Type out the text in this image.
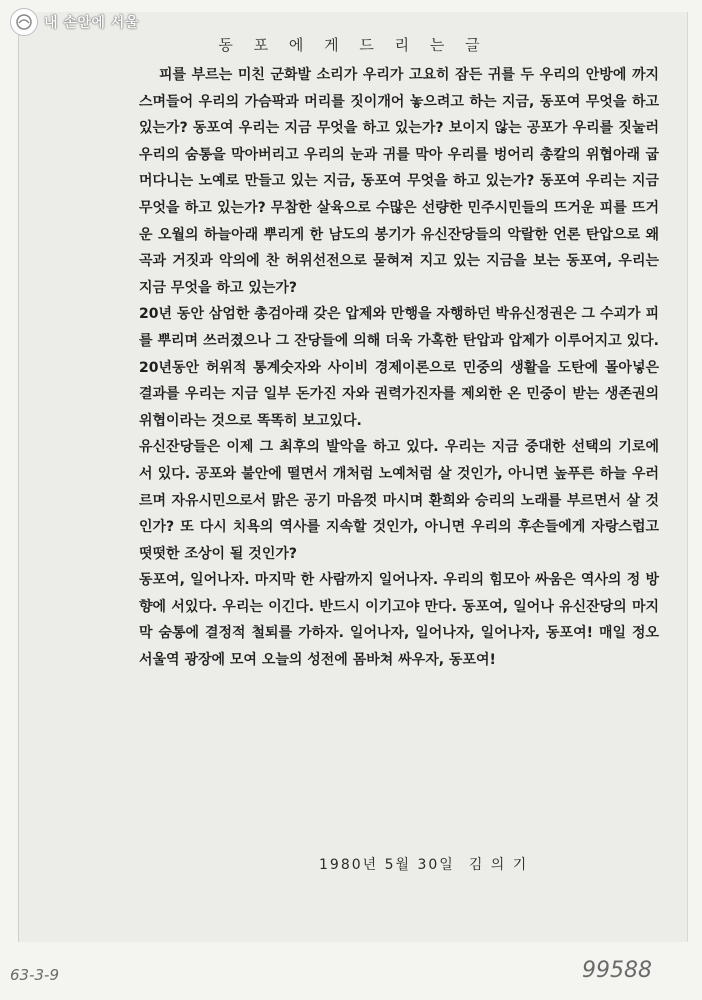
동 포 에 게 드 리 는 글

피를 부르는 미친 군화발 소리가 우리가 고요히 잠든 귀를 두 우리의 안방에 까지 스며들어 우리의 가슴팍과 머리를 짓이개어 놓으려고 하는 지금, 동포여 무엇을 하고 있는가? 동포여 우리는 지금 무엇을 하고 있는가? 보이지 않는 공포가 우리를 짓눌러 우리의 숨통을 막아버리고 우리의 눈과 귀를 막아 우리를 벙어리 총칼의 위협아래 굽머다니는 노예로 만들고 있는 지금, 동포여 무엇을 하고 있는가? 동포여 우리는 지금 무엇을 하고 있는가? 무참한 살육으로 수많은 선량한 민주시민들의 뜨거운 피를 뜨거운 오월의 하늘아래 뿌리게 한 남도의 봉기가 유신잔당들의 악랄한 언론 탄압으로 왜곡과 거짓과 악의에 찬 허위선전으로 묻혀져 지고 있는 지금을 보는 동포여, 우리는 지금 무엇을 하고 있는가?

20년 동안 삼엄한 총검아래 갖은 압제와 만행을 자행하던 박유신정권은 그 수괴가 피를 뿌리며 쓰러졌으나 그 잔당들에 의해 더욱 가혹한 탄압과 압제가 이루어지고 있다. 20년동안 허위적 통계숫자와 사이비 경제이론으로 민중의 생활을 도탄에 몰아넣은 결과를 우리는 지금 일부 돈가진 자와 권력가진자를 제외한 온 민중이 받는 생존권의 위협이라는 것으로 똑똑히 보고있다.

유신잔당들은 이제 그 최후의 발악을 하고 있다. 우리는 지금 중대한 선택의 기로에 서 있다. 공포와 불안에 떨면서 개처럼 노예처럼 살 것인가, 아니면 높푸른 하늘 우러르며 자유시민으로서 맑은 공기 마음껏 마시며 환희와 승리의 노래를 부르면서 살 것인가? 또 다시 치욕의 역사를 지속할 것인가, 아니면 우리의 후손들에게 자랑스럽고 떳떳한 조상이 될 것인가?

동포여, 일어나자. 마지막 한 사람까지 일어나자. 우리의 힘모아 싸움은 역사의 정 방향에 서있다. 우리는 이긴다. 반드시 이기고야 만다. 동포여, 일어나 유신잔당의 마지막 숨통에 결정적 철퇴를 가하자. 일어나자, 일어나자, 일어나자, 동포여! 매일 정오 서울역 광장에 모여 오늘의 성전에 몸바쳐 싸우자, 동포여!

1980년 5월 30일 김 의 기
내 손안에 서울
63-3-9	99588
